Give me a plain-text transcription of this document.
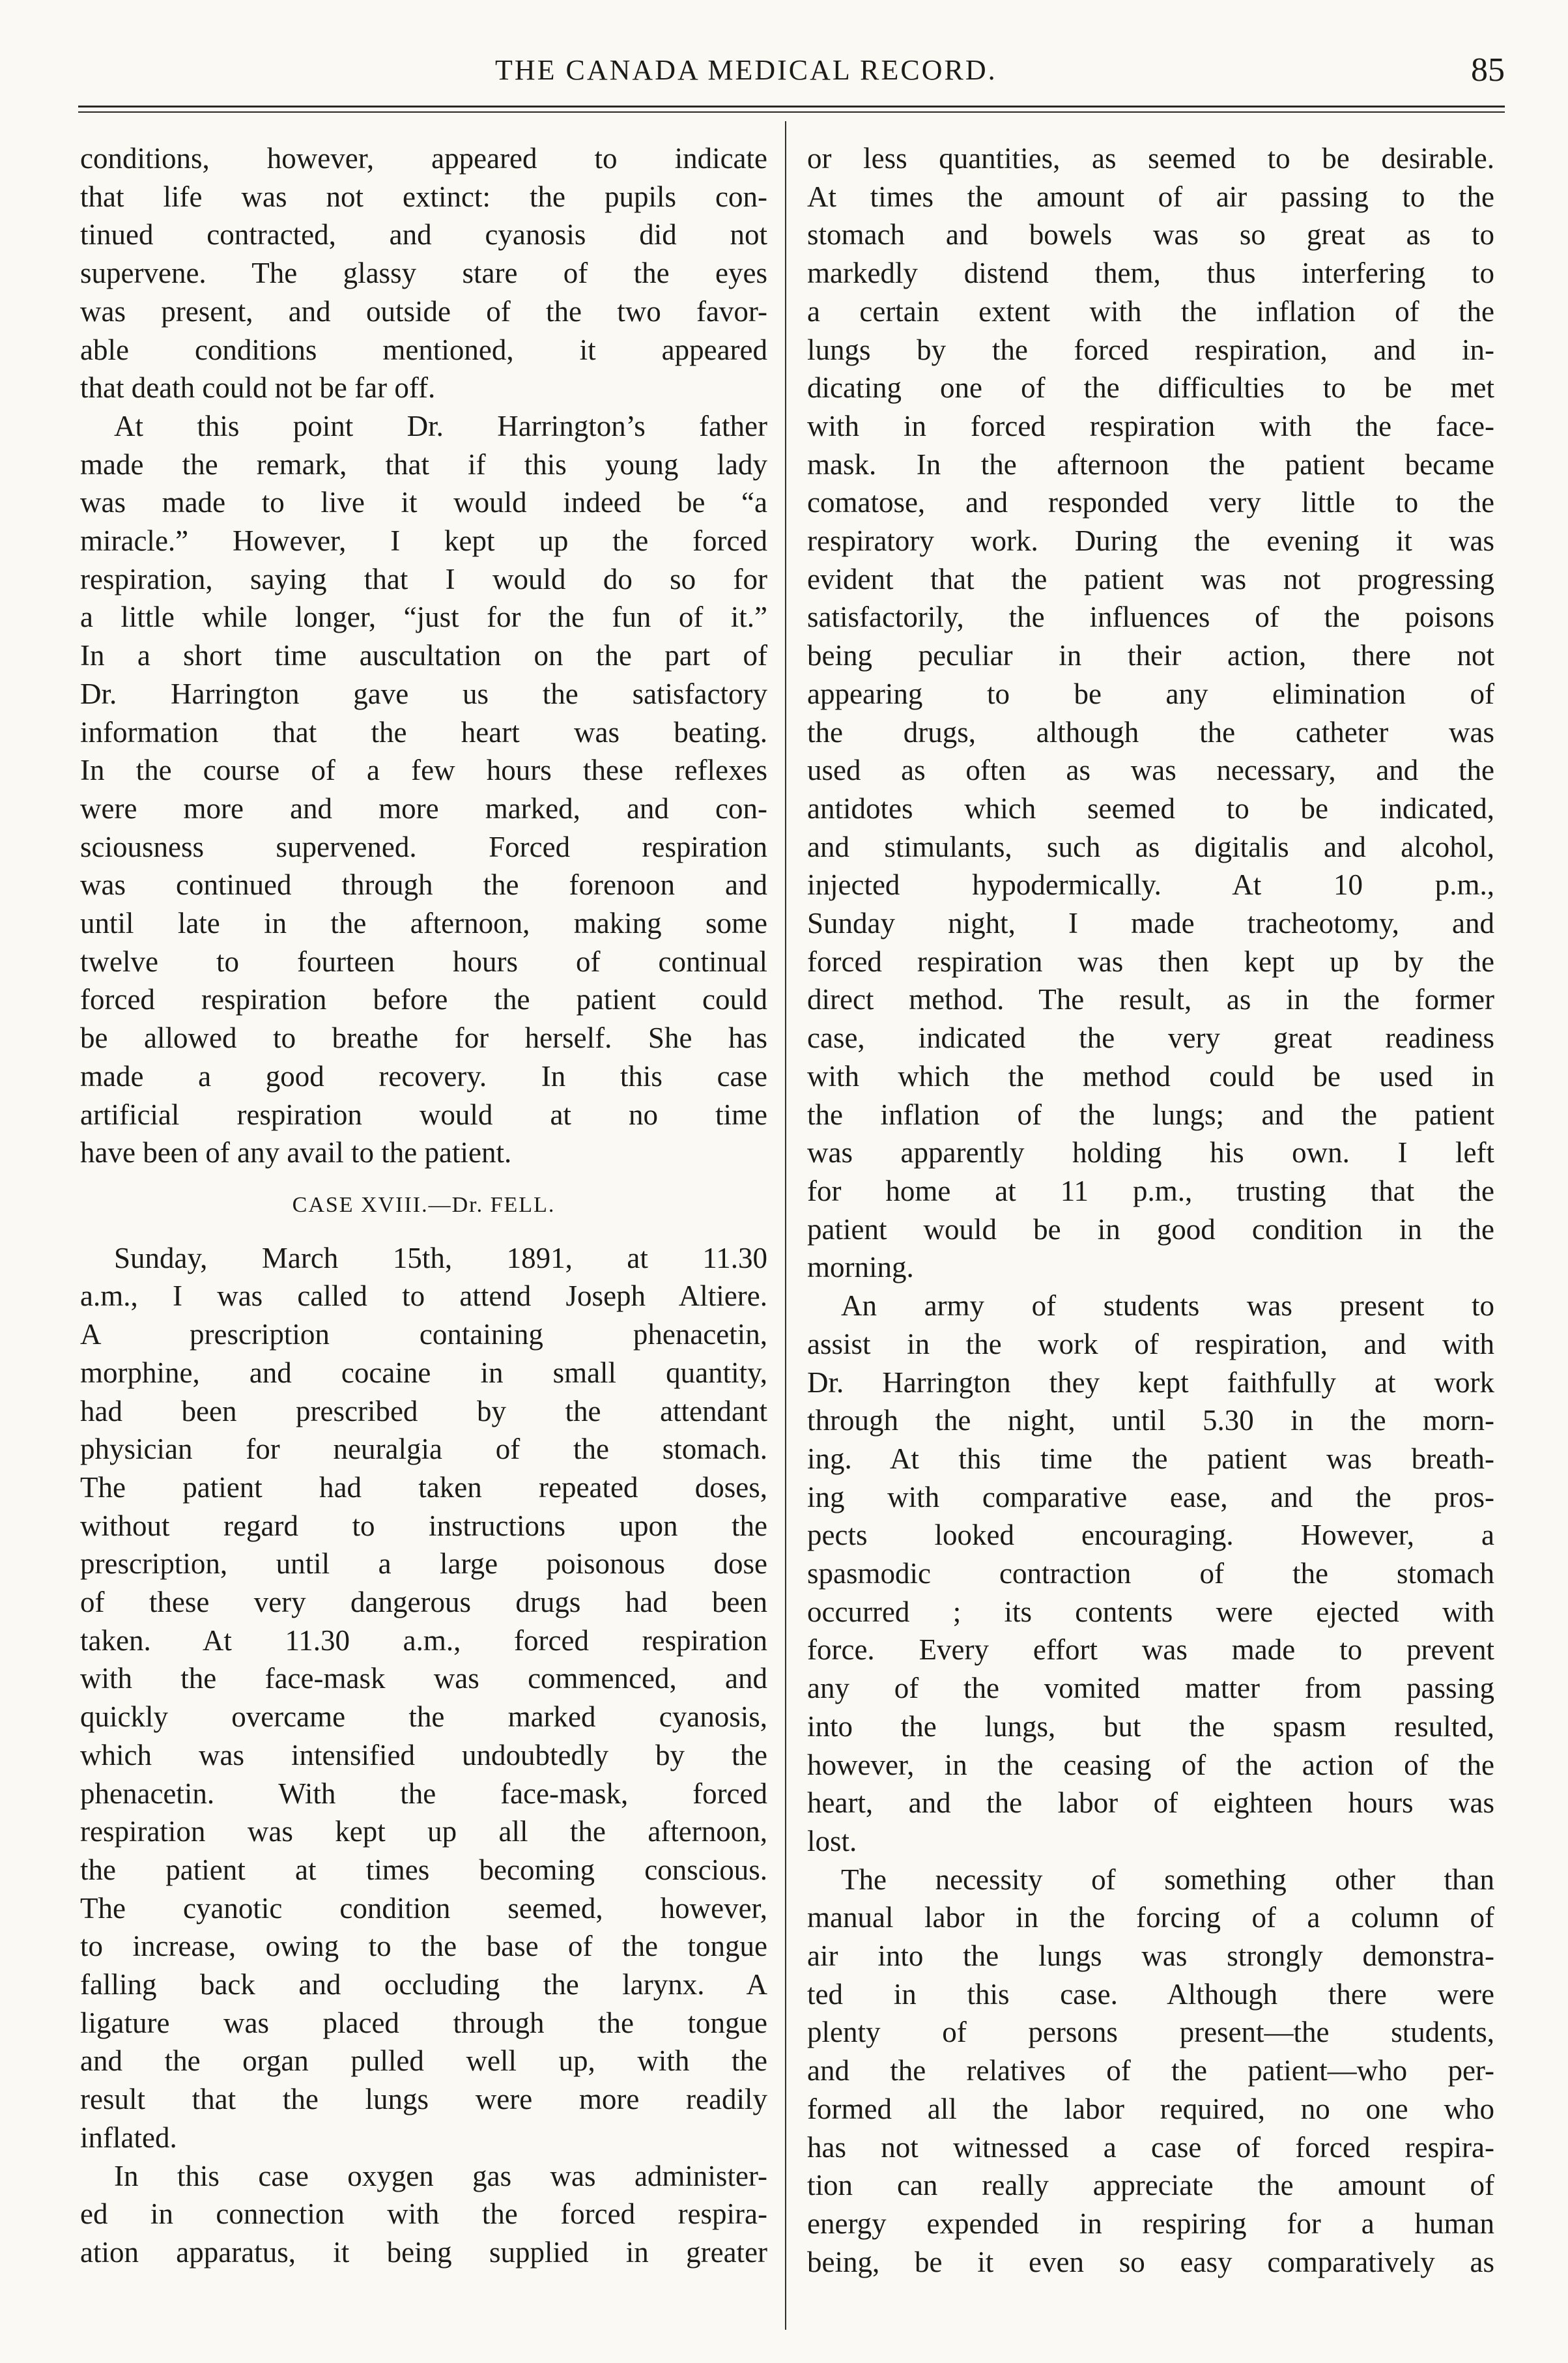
THE CANADA MEDICAL RECORD.	85
conditions, however, appeared to indicate
that life was not extinct: the pupils con-
tinued contracted, and cyanosis did not
supervene. The glassy stare of the eyes
was present, and outside of the two favor-
able conditions mentioned, it appeared
that death could not be far off.
At this point Dr. Harrington’s father
made the remark, that if this young lady
was made to live it would indeed be “a
miracle.” However, I kept up the forced
respiration, saying that I would do so for
a little while longer, “just for the fun of it.”
In a short time auscultation on the part of
Dr. Harrington gave us the satisfactory
information that the heart was beating.
In the course of a few hours these reflexes
were more and more marked, and con-
sciousness supervened. Forced respiration
was continued through the forenoon and
until late in the afternoon, making some
twelve to fourteen hours of continual
forced respiration before the patient could
be allowed to breathe for herself. She has
made a good recovery. In this case
artificial respiration would at no time
have been of any avail to the patient.
CASE XVIII.—Dr. FELL.
Sunday, March 15th, 1891, at 11.30
a.m., I was called to attend Joseph Altiere.
A prescription containing phenacetin,
morphine, and cocaine in small quantity,
had been prescribed by the attendant
physician for neuralgia of the stomach.
The patient had taken repeated doses,
without regard to instructions upon the
prescription, until a large poisonous dose
of these very dangerous drugs had been
taken. At 11.30 a.m., forced respiration
with the face-mask was commenced, and
quickly overcame the marked cyanosis,
which was intensified undoubtedly by the
phenacetin. With the face-mask, forced
respiration was kept up all the afternoon,
the patient at times becoming conscious.
The cyanotic condition seemed, however,
to increase, owing to the base of the tongue
falling back and occluding the larynx. A
ligature was placed through the tongue
and the organ pulled well up, with the
result that the lungs were more readily
inflated.
In this case oxygen gas was administer-
ed in connection with the forced respira-
ation apparatus, it being supplied in greater
or less quantities, as seemed to be desirable.
At times the amount of air passing to the
stomach and bowels was so great as to
markedly distend them, thus interfering to
a certain extent with the inflation of the
lungs by the forced respiration, and in-
dicating one of the difficulties to be met
with in forced respiration with the face-
mask. In the afternoon the patient became
comatose, and responded very little to the
respiratory work. During the evening it was
evident that the patient was not progressing
satisfactorily, the influences of the poisons
being peculiar in their action, there not
appearing to be any elimination of
the drugs, although the catheter was
used as often as was necessary, and the
antidotes which seemed to be indicated,
and stimulants, such as digitalis and alcohol,
injected hypodermically. At 10 p.m.,
Sunday night, I made tracheotomy, and
forced respiration was then kept up by the
direct method. The result, as in the former
case, indicated the very great readiness
with which the method could be used in
the inflation of the lungs; and the patient
was apparently holding his own. I left
for home at 11 p.m., trusting that the
patient would be in good condition in the
morning.
An army of students was present to
assist in the work of respiration, and with
Dr. Harrington they kept faithfully at work
through the night, until 5.30 in the morn-
ing. At this time the patient was breath-
ing with comparative ease, and the pros-
pects looked encouraging. However, a
spasmodic contraction of the stomach
occurred ; its contents were ejected with
force. Every effort was made to prevent
any of the vomited matter from passing
into the lungs, but the spasm resulted,
however, in the ceasing of the action of the
heart, and the labor of eighteen hours was
lost.
The necessity of something other than
manual labor in the forcing of a column of
air into the lungs was strongly demonstra-
ted in this case. Although there were
plenty of persons present—the students,
and the relatives of the patient—who per-
formed all the labor required, no one who
has not witnessed a case of forced respira-
tion can really appreciate the amount of
energy expended in respiring for a human
being, be it even so easy comparatively as
